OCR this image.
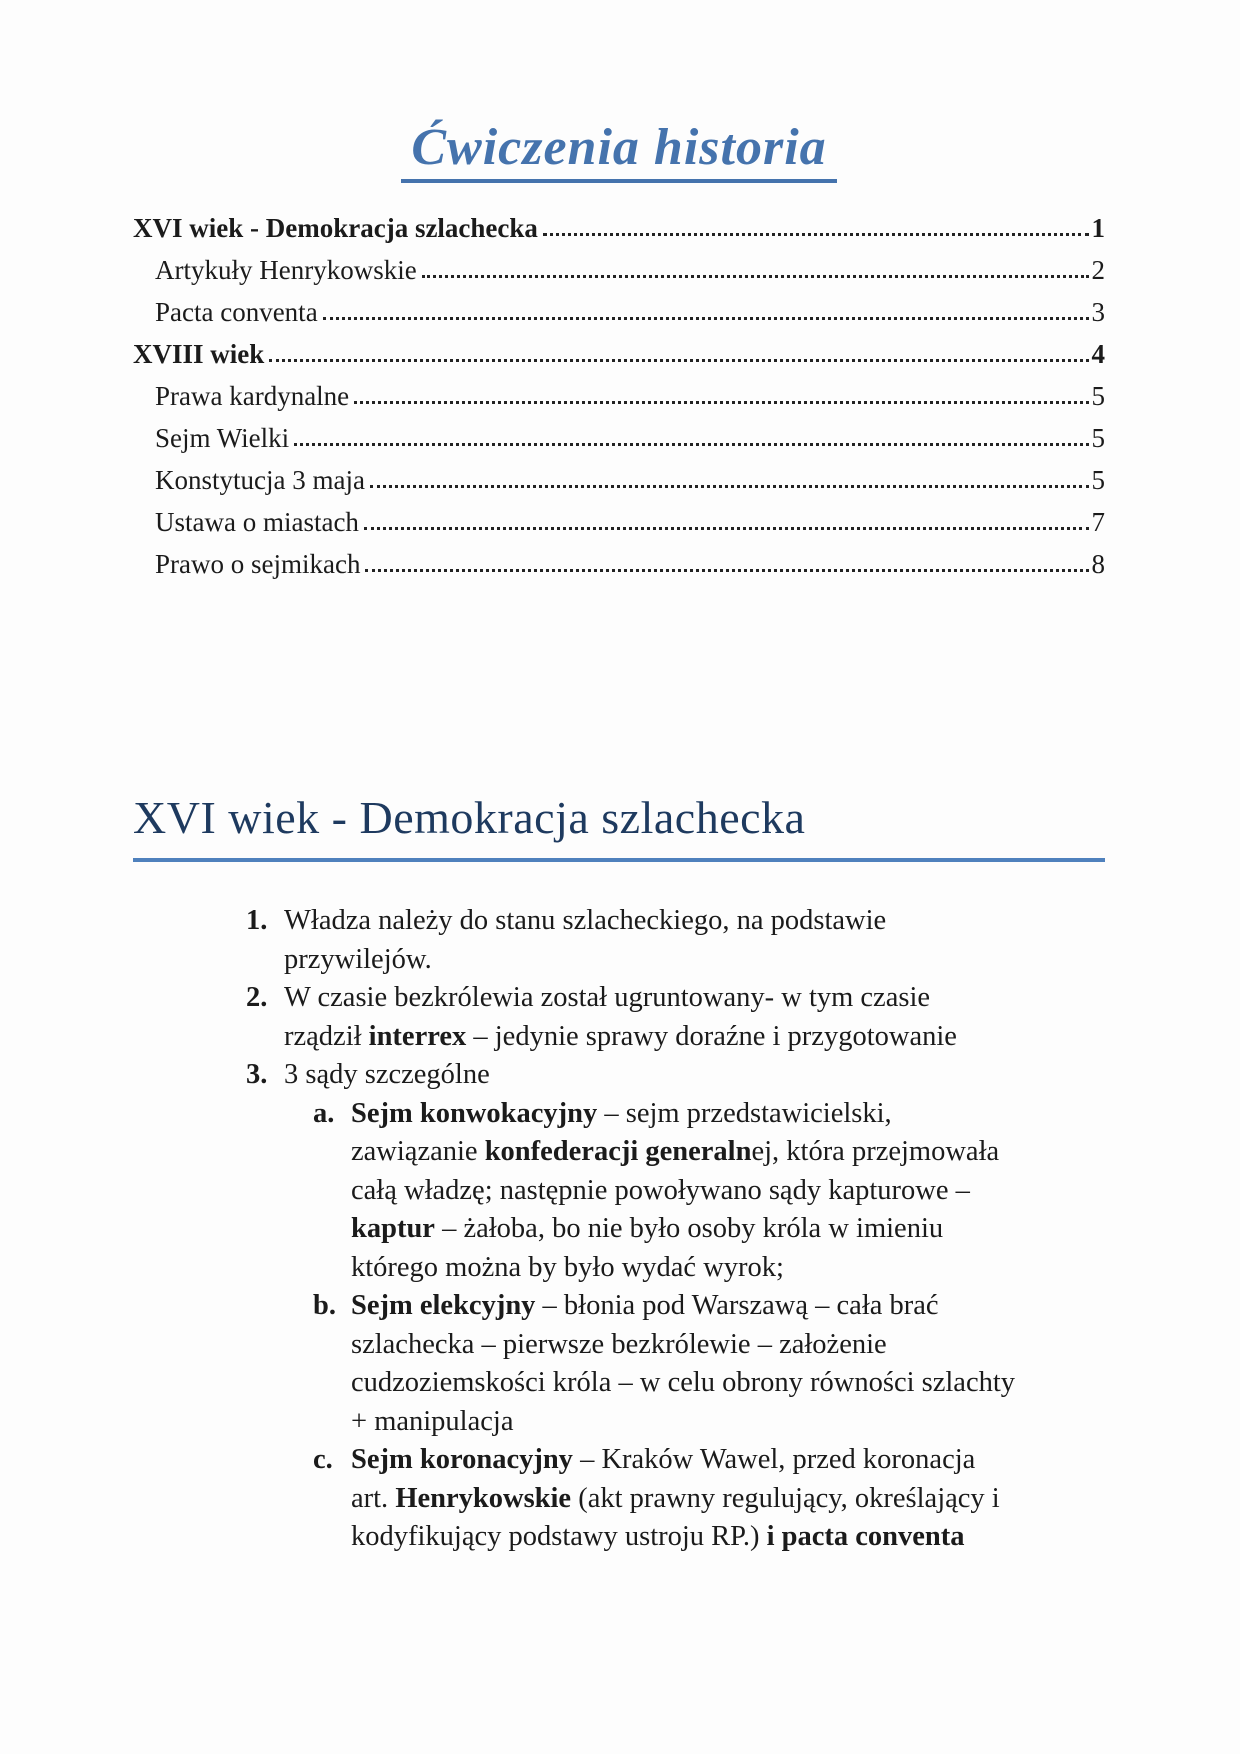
Ćwiczenia historia
XVI wiek - Demokracja szlachecka	1
Artykuły Henrykowskie	2
Pacta conventa	3
XVIII wiek	4
Prawa kardynalne	5
Sejm Wielki	5
Konstytucja 3 maja	5
Ustawa o miastach	7
Prawo o sejmikach	8
XVI wiek - Demokracja szlachecka
1. Władza należy do stanu szlacheckiego, na podstawie przywilejów.
2. W czasie bezkrólewia został ugruntowany- w tym czasie rządził interrex – jedynie sprawy doraźne i przygotowanie
3. 3 sądy szczególne
a. Sejm konwokacyjny – sejm przedstawicielski, zawiązanie konfederacji generalnej, która przejmowała całą władzę; następnie powoływano sądy kapturowe – kaptur – żałoba, bo nie było osoby króla w imieniu którego można by było wydać wyrok;
b. Sejm elekcyjny – błonia pod Warszawą – cała brać szlachecka – pierwsze bezkrólewie – założenie cudzoziemskości króla – w celu obrony równości szlachty + manipulacja
c. Sejm koronacyjny – Kraków Wawel, przed koronacja art. Henrykowskie (akt prawny regulujący, określający i kodyfikujący podstawy ustroju RP.) i pacta conventa
